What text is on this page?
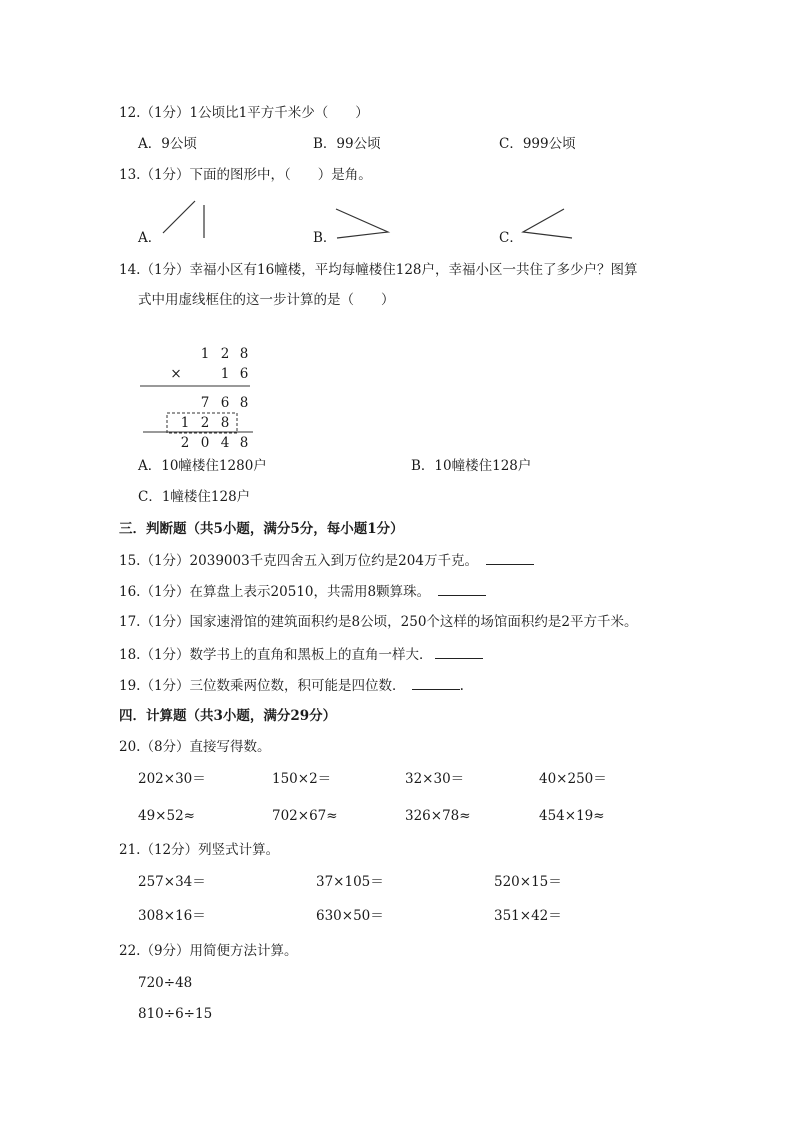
12.（1分）1公顷比1平方千米少（　　）
A．9公顷	B．99公顷	C．999公顷
13.（1分）下面的图形中，（　　）是角。
A．	B．	C．
14.（1分）幸福小区有16幢楼，平均每幢楼住128户，幸福小区一共住了多少户？图算
式中用虚线框住的这一步计算的是（　　）
1 2 8
×	1 6
7 6 8
1 2 8
2 0 4 8
A．10幢楼住1280户	B．10幢楼住128户
C．1幢楼住128户
三．判断题（共5小题，满分5分，每小题1分）
15.（1分）2039003千克四舍五入到万位约是204万千克。
16.（1分）在算盘上表示20510，共需用8颗算珠。
17.（1分）国家速滑馆的建筑面积约是8公顷，250个这样的场馆面积约是2平方千米。
18.（1分）数学书上的直角和黑板上的直角一样大．
19.（1分）三位数乘两位数，积可能是四位数．	.
四．计算题（共3小题，满分29分）
20.（8分）直接写得数。
202×30＝	150×2＝	32×30＝	40×250＝
49×52≈	702×67≈	326×78≈	454×19≈
21.（12分）列竖式计算。
257×34＝	37×105＝	520×15＝
308×16＝	630×50＝	351×42＝
22.（9分）用简便方法计算。
720÷48
810÷6÷15
